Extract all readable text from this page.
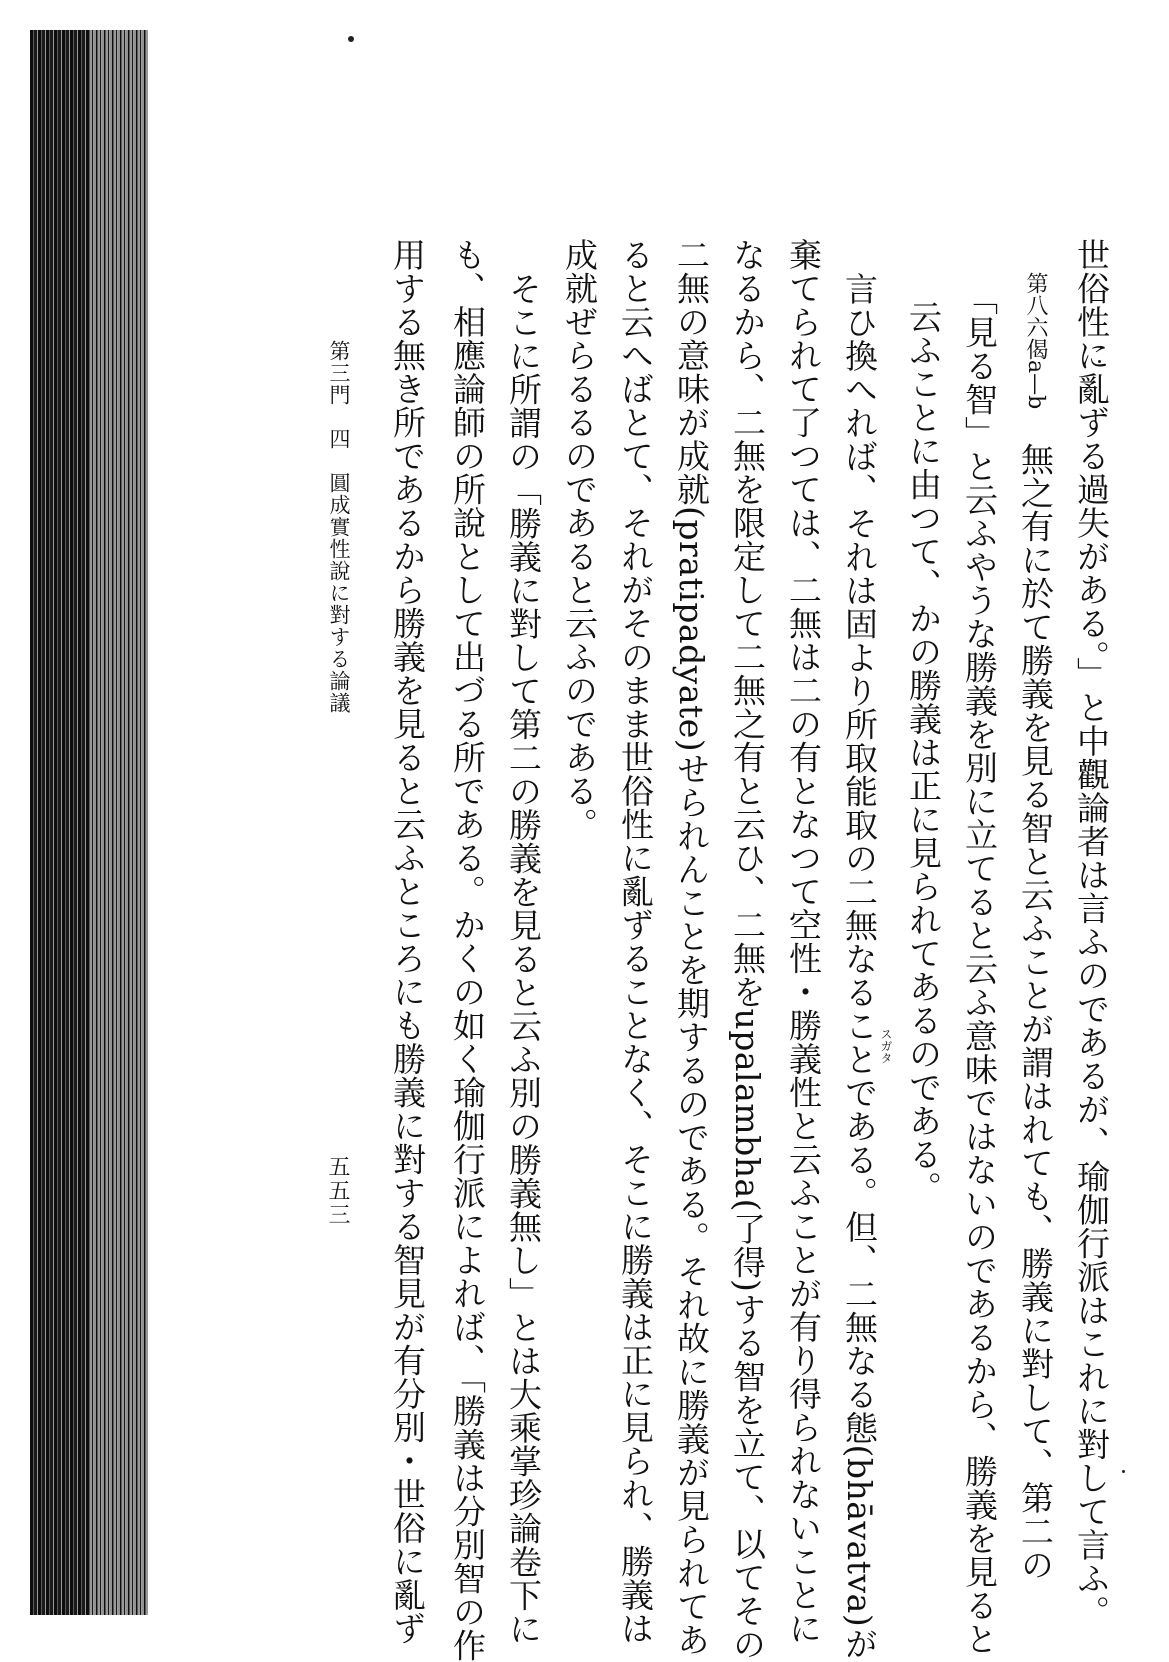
世俗性に亂ずる過失がある。」と中觀論者は言ふのであるが、瑜伽行派はこれに對して言ふ。
第八六偈a—b　無之有に於て勝義を見る智と云ふことが謂はれても、勝義に對して、第二の
「見る智」と云ふやうな勝義を別に立てると云ふ意味ではないのであるから、勝義を見ると
云ふことに由つて、かの勝義は正に見られてあるのである。
言ひ換へれば、それは固より所取能取の二無なることである。但、二無なる態(bhāvatva)が スガタ
棄てられて了つては、二無は二の有となつて空性・勝義性と云ふことが有り得られないことに
なるから、二無を限定して二無之有と云ひ、二無をupalambha(了得)する智を立て、以てその
二無の意味が成就(pratipadyate)せられんことを期するのである。それ故に勝義が見られてあ
ると云へばとて、それがそのまま世俗性に亂ずることなく、そこに勝義は正に見られ、勝義は
成就ぜらるるのであると云ふのである。
そこに所謂の「勝義に對して第二の勝義を見ると云ふ別の勝義無し」とは大乘掌珍論卷下に
も、相應論師の所說として出づる所である。かくの如く瑜伽行派によれば、「勝義は分別智の作
用する無き所であるから勝義を見ると云ふところにも勝義に對する智見が有分別・世俗に亂ず
第三門　四　圓成實性說に對する論議
五五三
